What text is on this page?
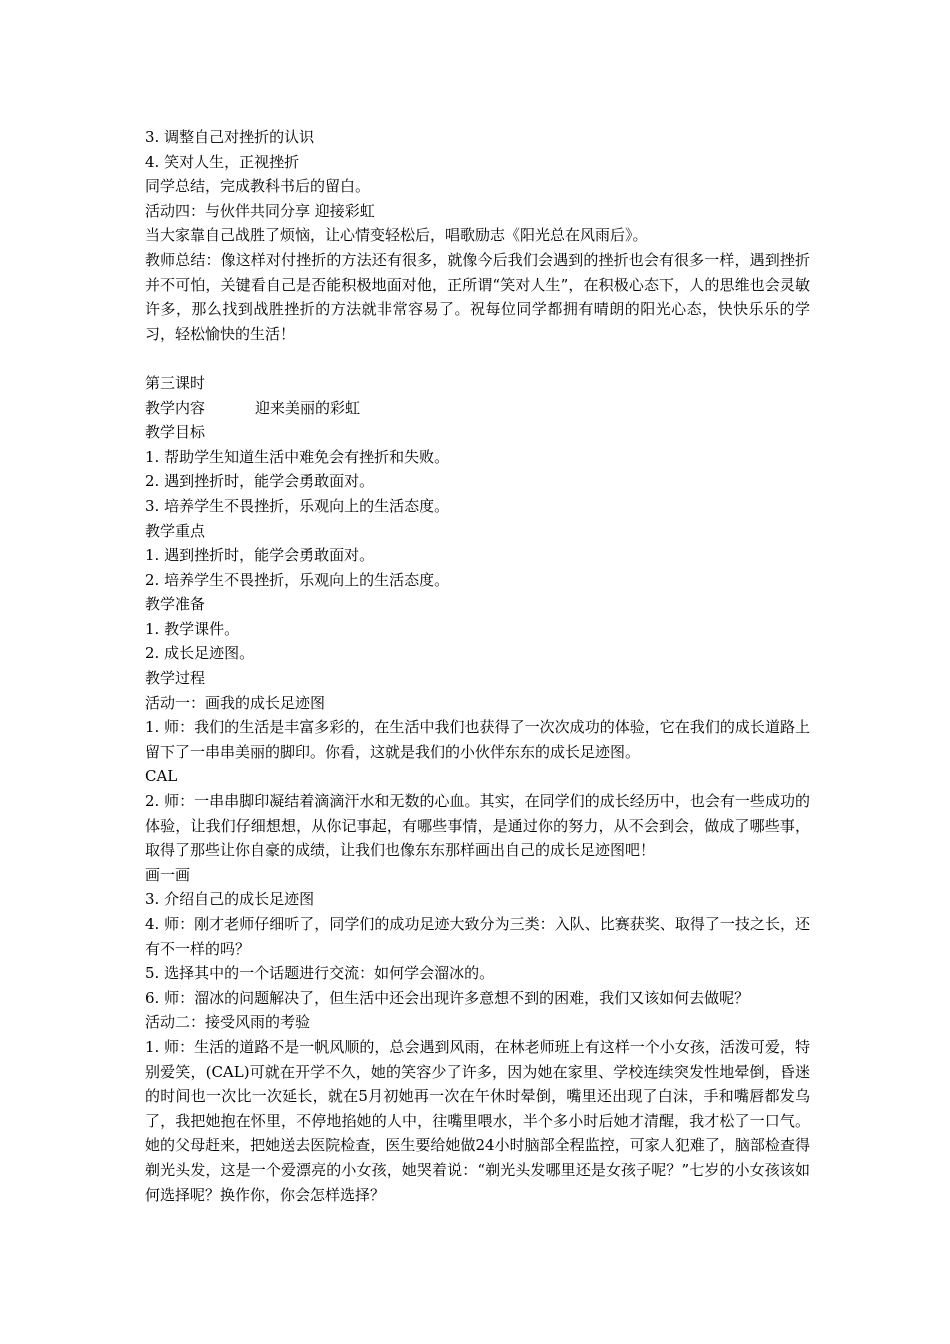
3. 调整自己对挫折的认识

4. 笑对人生，正视挫折

同学总结，完成教科书后的留白。

活动四：与伙伴共同分享 迎接彩虹

当大家靠自己战胜了烦恼，让心情变轻松后，唱歌励志《阳光总在风雨后》。

教师总结：像这样对付挫折的方法还有很多，就像今后我们会遇到的挫折也会有很多一样，遇到挫折并不可怕，关键看自己是否能积极地面对他，正所谓“笑对人生”，在积极心态下，人的思维也会灵敏许多，那么找到战胜挫折的方法就非常容易了。祝每位同学都拥有晴朗的阳光心态，快快乐乐的学习，轻松愉快的生活！

第三课时

教学内容	迎来美丽的彩虹

教学目标

1. 帮助学生知道生活中难免会有挫折和失败。

2. 遇到挫折时，能学会勇敢面对。

3. 培养学生不畏挫折，乐观向上的生活态度。

教学重点

1. 遇到挫折时，能学会勇敢面对。

2. 培养学生不畏挫折，乐观向上的生活态度。

教学准备

1. 教学课件。

2. 成长足迹图。

教学过程

活动一：画我的成长足迹图

1. 师：我们的生活是丰富多彩的，在生活中我们也获得了一次次成功的体验，它在我们的成长道路上留下了一串串美丽的脚印。你看，这就是我们的小伙伴东东的成长足迹图。

CAL

2. 师：一串串脚印凝结着滴滴汗水和无数的心血。其实，在同学们的成长经历中，也会有一些成功的体验，让我们仔细想想，从你记事起，有哪些事情，是通过你的努力，从不会到会，做成了哪些事，取得了那些让你自豪的成绩，让我们也像东东那样画出自己的成长足迹图吧！

画一画

3. 介绍自己的成长足迹图

4. 师：刚才老师仔细听了，同学们的成功足迹大致分为三类：入队、比赛获奖、取得了一技之长，还有不一样的吗？

5. 选择其中的一个话题进行交流：如何学会溜冰的。

6. 师：溜冰的问题解决了，但生活中还会出现许多意想不到的困难，我们又该如何去做呢？

活动二：接受风雨的考验

1. 师：生活的道路不是一帆风顺的，总会遇到风雨，在林老师班上有这样一个小女孩，活泼可爱，特别爱笑，(CAL)可就在开学不久，她的笑容少了许多，因为她在家里、学校连续突发性地晕倒，昏迷的时间也一次比一次延长，就在5月初她再一次在午休时晕倒，嘴里还出现了白沫，手和嘴唇都发乌了，我把她抱在怀里，不停地掐她的人中，往嘴里喂水，半个多小时后她才清醒，我才松了一口气。她的父母赶来，把她送去医院检查，医生要给她做24小时脑部全程监控，可家人犯难了，脑部检查得剃光头发，这是一个爱漂亮的小女孩，她哭着说：“剃光头发哪里还是女孩子呢？”七岁的小女孩该如何选择呢？换作你，你会怎样选择？
